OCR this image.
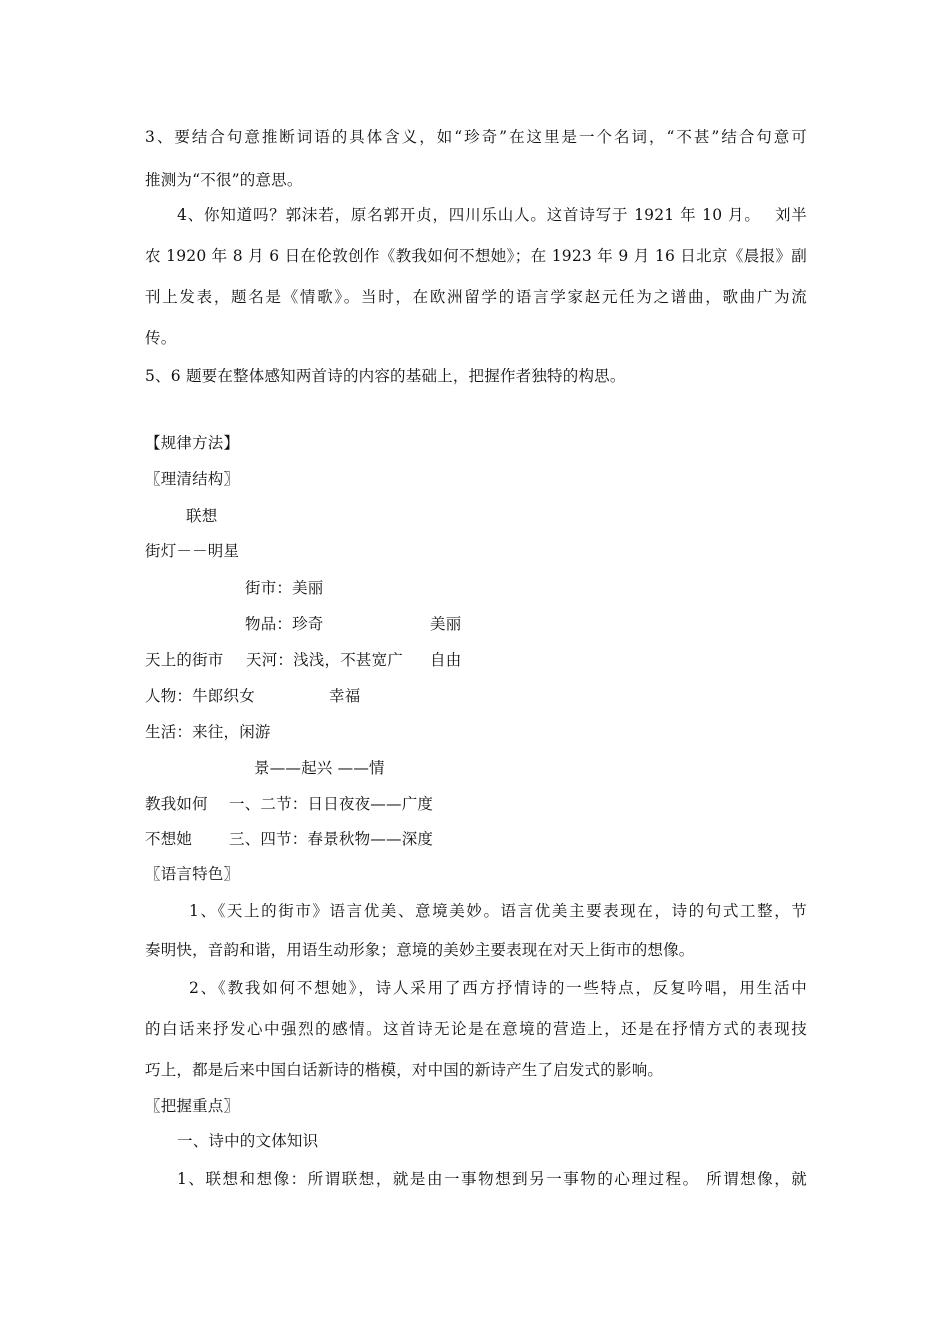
3、要结合句意推断词语的具体含义，如“珍奇”在这里是一个名词，“不甚”结合句意可
推测为“不很”的意思。
4、你知道吗？郭沫若，原名郭开贞，四川乐山人。这首诗写于 1921 年 10 月。　 刘半
农 1920 年 8 月 6 日在伦敦创作《教我如何不想她》；在 1923 年 9 月 16 日北京《晨报》副
刊上发表，题名是《情歌》。当时，在欧洲留学的语言学家赵元任为之谱曲，歌曲广为流
传。
5、6 题要在整体感知两首诗的内容的基础上，把握作者独特的构思。
【规律方法】
〖理清结构〗
联想
街灯－－明星
街市：美丽
物品：珍奇	美丽
天上的街市 天河：浅浅，不甚宽广 自由
人物：牛郎织女	幸福
生活：来往，闲游
景——起兴 ——情
教我如何 一、二节：日日夜夜——广度
不想她 三、四节：春景秋物——深度
〖语言特色〗
1、《天上的街市》语言优美、意境美妙。语言优美主要表现在，诗的句式工整，节
奏明快，音韵和谐，用语生动形象；意境的美妙主要表现在对天上街市的想像。
2、《教我如何不想她》，诗人采用了西方抒情诗的一些特点，反复吟唱，用生活中
的白话来抒发心中强烈的感情。这首诗无论是在意境的营造上，还是在抒情方式的表现技
巧上，都是后来中国白话新诗的楷模，对中国的新诗产生了启发式的影响。
〖把握重点〗
一、诗中的文体知识
1、联想和想像：所谓联想，就是由一事物想到另一事物的心理过程。 所谓想像，就
